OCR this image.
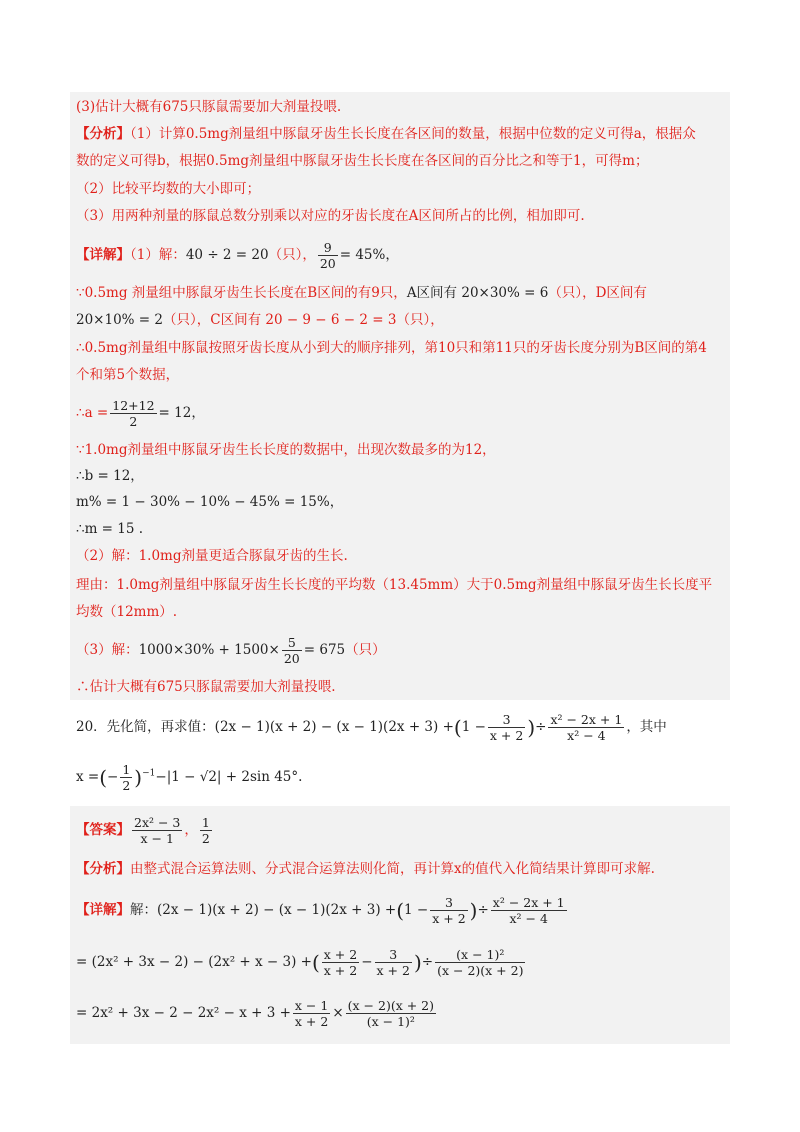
(3)估计大概有675只豚鼠需要加大剂量投喂.
【分析】（1）计算0.5mg剂量组中豚鼠牙齿生长长度在各区间的数量，根据中位数的定义可得a，根据众
数的定义可得b，根据0.5mg剂量组中豚鼠牙齿生长长度在各区间的百分比之和等于1，可得m；
（2）比较平均数的大小即可；
（3）用两种剂量的豚鼠总数分别乘以对应的牙齿长度在A区间所占的比例，相加即可.
【详解】（1）解：40 ÷ 2 = 20（只）， $\frac{9}{20} = 45\%$，
∵0.5mg 剂量组中豚鼠牙齿生长长度在B区间的有9只，A区间有 20×30% = 6（只），D区间有
20×10% = 2（只），C区间有 20 − 9 − 6 − 2 = 3（只），
∴0.5mg剂量组中豚鼠按照牙齿长度从小到大的顺序排列，第10只和第11只的牙齿长度分别为B区间的第4
个和第5个数据，
∴a = $\frac{12+12}{2} = 12$，
∵1.0mg剂量组中豚鼠牙齿生长长度的数据中，出现次数最多的为12，
∴b = 12，
m% = 1 − 30% − 10% − 45% = 15%，
∴m = 15 .
（2）解：1.0mg剂量更适合豚鼠牙齿的生长.
理由：1.0mg剂量组中豚鼠牙齿生长长度的平均数（13.45mm）大于0.5mg剂量组中豚鼠牙齿生长长度平
均数（12mm）.
（3）解：$1000\times 30\% + 1500\times \frac{5}{20} = 675$（只）
∴估计大概有675只豚鼠需要加大剂量投喂.
20．先化简，再求值：$(2x - 1)(x + 2) - (x - 1)(2x + 3) +(1 - \frac{3}{x + 2}$ )÷ $\frac{\text{x² − 2x + 1}}{\text{x² − 4}}$ ，其中
x =(− $\frac{1}{2} )^{-1}-|1 - √2| + 2\sin$ 45°.
【答案】 $\frac{\text{2x² − 3}}{x - 1}$ ， $\frac{1}{2}$
【分析】由整式混合运算法则、分式混合运算法则化简，再计算x的值代入化简结果计算即可求解.
【详解】解：$(2x - 1)(x + 2) - (x - 1)(2x + 3) +(1 - \frac{3}{x + 2}$ )÷ $\frac{\text{x² − 2x + 1}}{\text{x² − 4}}$
= (2x² + 3x − 2) − (2x² + x − 3) +( $\frac{x + 2}{x + 2} - \frac{3}{x + 2}$ )÷ $\frac{\text{(x − 1)²}}{(x - 2)(x + 2)}$
= $2x^2 + 3x - 2 - 2x^2 - x + 3 + \frac{x - 1}{x + 2} \times \frac{(x - 2)(x + 2)}{\text{(x − 1)²}}$
